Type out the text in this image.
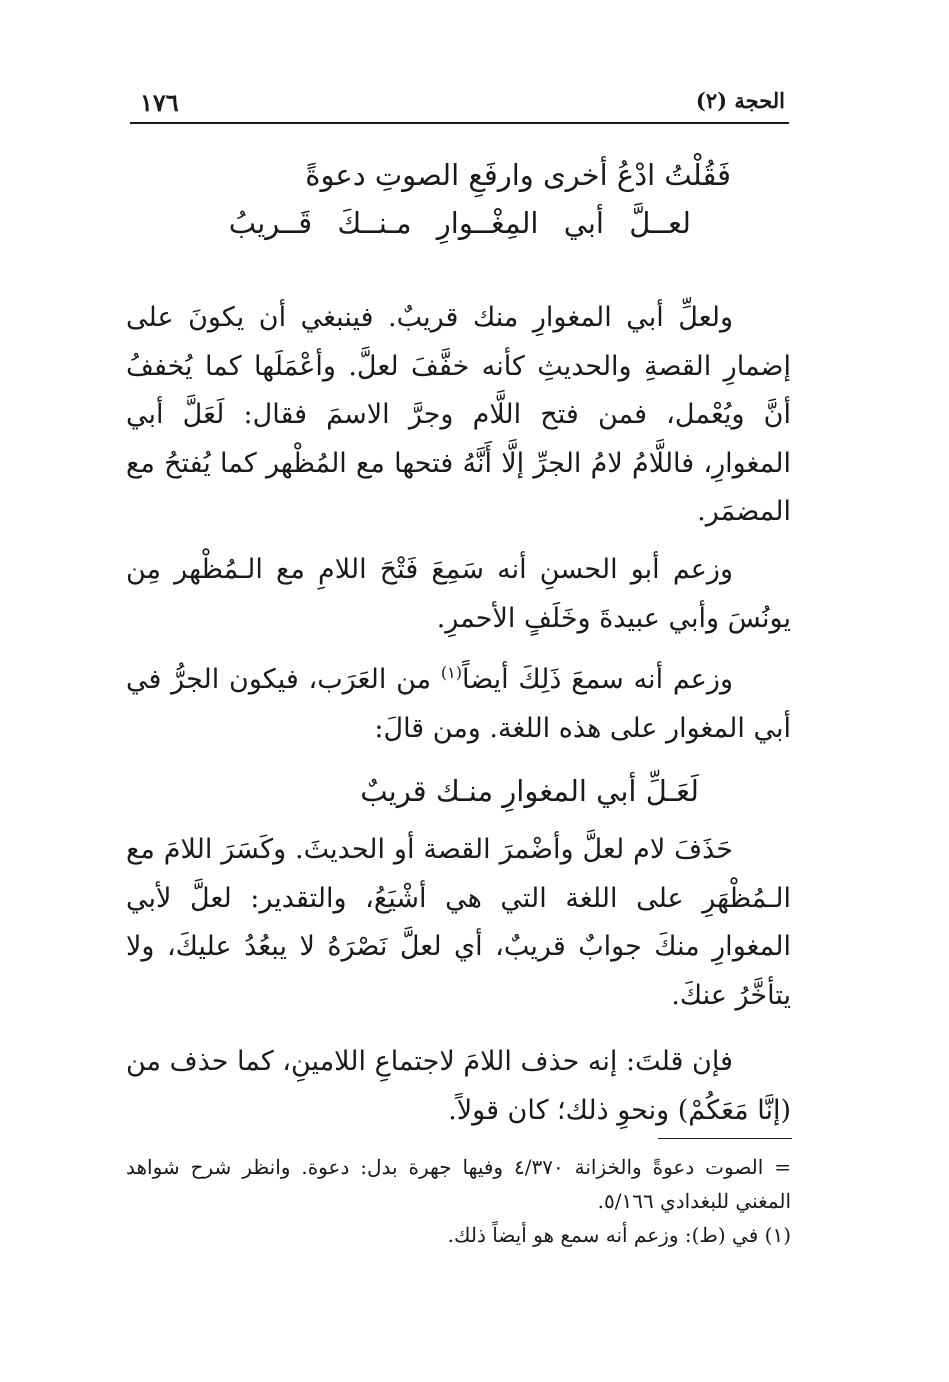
١٧٦	الحجة (٢)
فَقُلْتُ ادْعُ أخرى وارفَعِ الصوتِ دعوةً
لعــلَّ أبي المِغْــوارِ مـنــكَ قَــريبُ
ولعلِّ أبي المغوارِ منك قريبٌ. فينبغي أن يكونَ على إضمارِ القصةِ والحديثِ كأنه خفَّفَ لعلَّ. وأعْمَلَها كما يُخففُ أنَّ ويُعْمل، فمن فتح اللَّام وجرَّ الاسمَ فقال: لَعَلَّ أبي المغوارِ، فاللَّامُ لامُ الجرِّ إلَّا أَنَّهُ فتحها مع المُظْهر كما يُفتحُ مع المضمَر.
وزعم أبو الحسنِ أنه سَمِعَ فَتْحَ اللامِ مع الـمُظْهر مِن يونُسَ وأبي عبيدةَ وخَلَفٍ الأحمرِ.
وزعم أنه سمعَ ذَلِكَ أيضاً$^{(١)}$ من العَرَب، فيكون الجرُّ في أبي المغوار على هذه اللغة. ومن قالَ:
لَعَـلِّ أبي المغوارِ منـك قريبٌ
حَذَفَ لام لعلَّ وأضْمرَ القصة أو الحديثَ. وكَسَرَ اللامَ مع الـمُظْهَرِ على اللغة التي هي أشْيَعُ، والتقدير: لعلَّ لأبي المغوارِ منكَ جوابٌ قريبٌ، أي لعلَّ نَصْرَهُ لا يبعُدُ عليكَ، ولا يتأخَّرُ عنكَ.
فإن قلتَ: إنه حذف اللامَ لاجتماعِ اللامينِ، كما حذف من (إنَّا مَعَكُمْ) ونحوِ ذلك؛ كان قولاً.
= الصوت دعوةً والخزانة ٤/٣٧٠ وفيها جهرة بدل: دعوة. وانظر شرح شواهد المغني للبغدادي ٥/١٦٦.
(١) في (ط): وزعم أنه سمع هو أيضاً ذلك.
